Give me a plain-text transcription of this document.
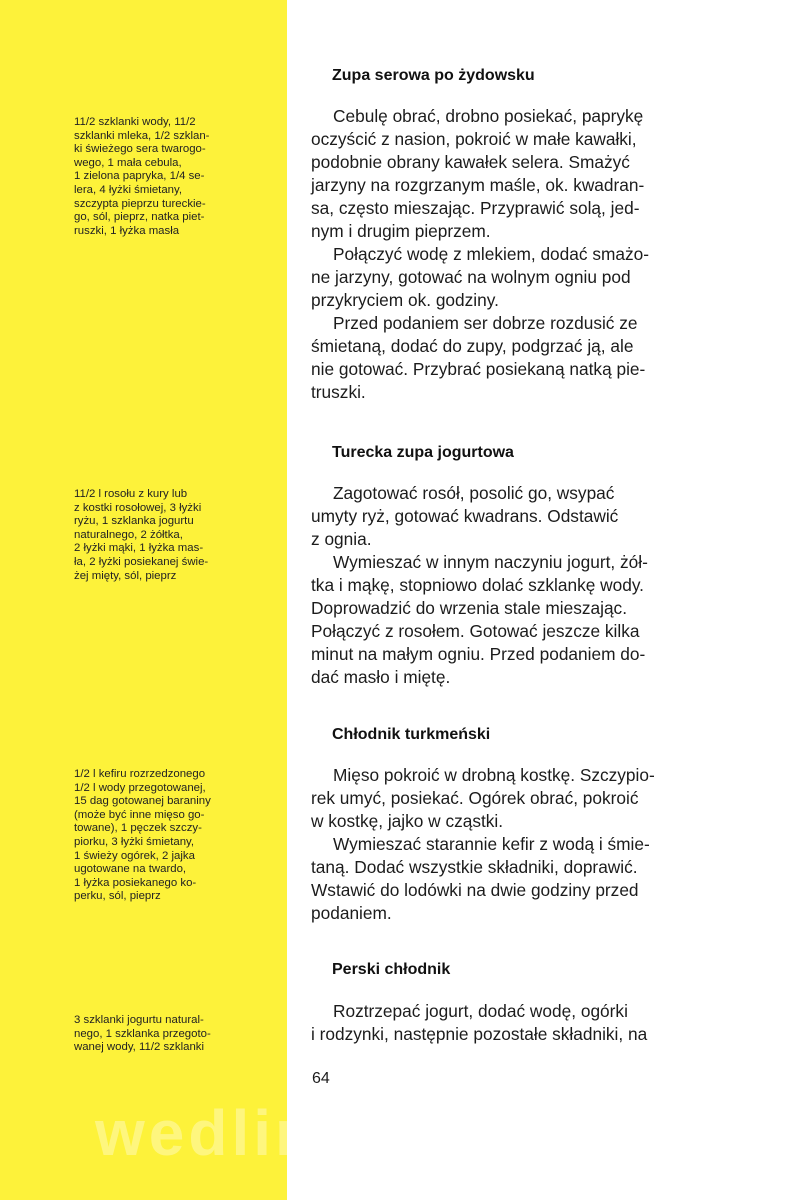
11/2 szklanki wody, 11/2
szklanki mleka, 1/2 szklan-
ki świeżego sera twarogo-
wego, 1 mała cebula,
1 zielona papryka, 1/4 se-
lera, 4 łyżki śmietany,
szczypta pieprzu tureckie-
go, sól, pieprz, natka piet-
ruszki, 1 łyżka masła

Zupa serowa po żydowsku

Cebulę obrać, drobno posiekać, paprykę
oczyścić z nasion, pokroić w małe kawałki,
podobnie obrany kawałek selera. Smażyć
jarzyny na rozgrzanym maśle, ok. kwadran-
sa, często mieszając. Przyprawić solą, jed-
nym i drugim pieprzem.

Połączyć wodę z mlekiem, dodać smażo-
ne jarzyny, gotować na wolnym ogniu pod
przykryciem ok. godziny.

Przed podaniem ser dobrze rozdusić ze
śmietaną, dodać do zupy, podgrzać ją, ale
nie gotować. Przybrać posiekaną natką pie-
truszki.

11/2 l rosołu z kury lub
z kostki rosołowej, 3 łyżki
ryżu, 1 szklanka jogurtu
naturalnego, 2 żółtka,
2 łyżki mąki, 1 łyżka mas-
ła, 2 łyżki posiekanej świe-
żej mięty, sól, pieprz

Turecka zupa jogurtowa

Zagotować rosół, posolić go, wsypać
umyty ryż, gotować kwadrans. Odstawić
z ognia.

Wymieszać w innym naczyniu jogurt, żół-
tka i mąkę, stopniowo dolać szklankę wody.
Doprowadzić do wrzenia stale mieszając.
Połączyć z rosołem. Gotować jeszcze kilka
minut na małym ogniu. Przed podaniem do-
dać masło i miętę.

1/2 l kefiru rozrzedzonego
1/2 l wody przegotowanej,
15 dag gotowanej baraniny
(może być inne mięso go-
towane), 1 pęczek szczy-
piorku, 3 łyżki śmietany,
1 świeży ogórek, 2 jajka
ugotowane na twardo,
1 łyżka posiekanego ko-
perku, sól, pieprz

Chłodnik turkmeński

Mięso pokroić w drobną kostkę. Szczypio-
rek umyć, posiekać. Ogórek obrać, pokroić
w kostkę, jajko w cząstki.

Wymieszać starannie kefir z wodą i śmie-
taną. Dodać wszystkie składniki, doprawić.
Wstawić do lodówki na dwie godziny przed
podaniem.

3 szklanki jogurtu natural-
nego, 1 szklanka przegoto-
wanej wody, 11/2 szklanki

Perski chłodnik

Roztrzepać jogurt, dodać wodę, ogórki
i rodzynki, następnie pozostałe składniki, na

64

wedlinydomowe.pl
